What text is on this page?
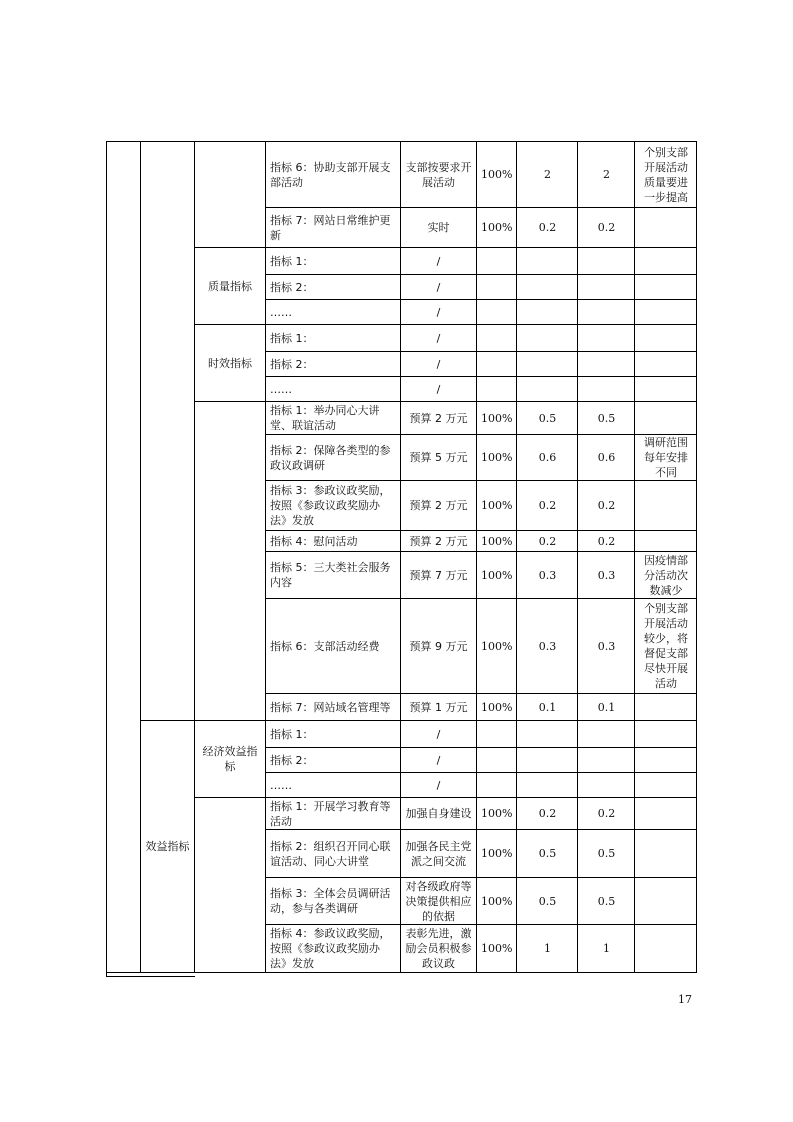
			指标 6：协助支部开展支部活动	支部按要求开展活动	100%	2	2	个别支部开展活动质量要进一步提高
			指标 7：网站日常维护更新	实时	100%	0.2	0.2	
		质量指标	指标 1：	/				
			指标 2：	/				
			……	/				
		时效指标	指标 1：	/				
			指标 2：	/				
			……	/				
			指标 1：举办同心大讲堂、联谊活动	预算 2 万元	100%	0.5	0.5	
			指标 2：保障各类型的参政议政调研	预算 5 万元	100%	0.6	0.6	调研范围每年安排不同
			指标 3：参政议政奖励，按照《参政议政奖励办法》发放	预算 2 万元	100%	0.2	0.2	
			指标 4：慰问活动	预算 2 万元	100%	0.2	0.2	
			指标 5：三大类社会服务内容	预算 7 万元	100%	0.3	0.3	因疫情部分活动次数减少
			指标 6：支部活动经费	预算 9 万元	100%	0.3	0.3	个别支部开展活动较少，将督促支部尽快开展活动
			指标 7：网站域名管理等	预算 1 万元	100%	0.1	0.1	
	效益指标	经济效益指标	指标 1：	/				
			指标 2：	/				
			……	/				
			指标 1：开展学习教育等活动	加强自身建设	100%	0.2	0.2	
			指标 2：组织召开同心联谊活动、同心大讲堂	加强各民主党派之间交流	100%	0.5	0.5	
			指标 3：全体会员调研活动，参与各类调研	对各级政府等决策提供相应的依据	100%	0.5	0.5	
			指标 4：参政议政奖励，按照《参政议政奖励办法》发放	表彰先进，激励会员积极参政议政	100%	1	1	
17
